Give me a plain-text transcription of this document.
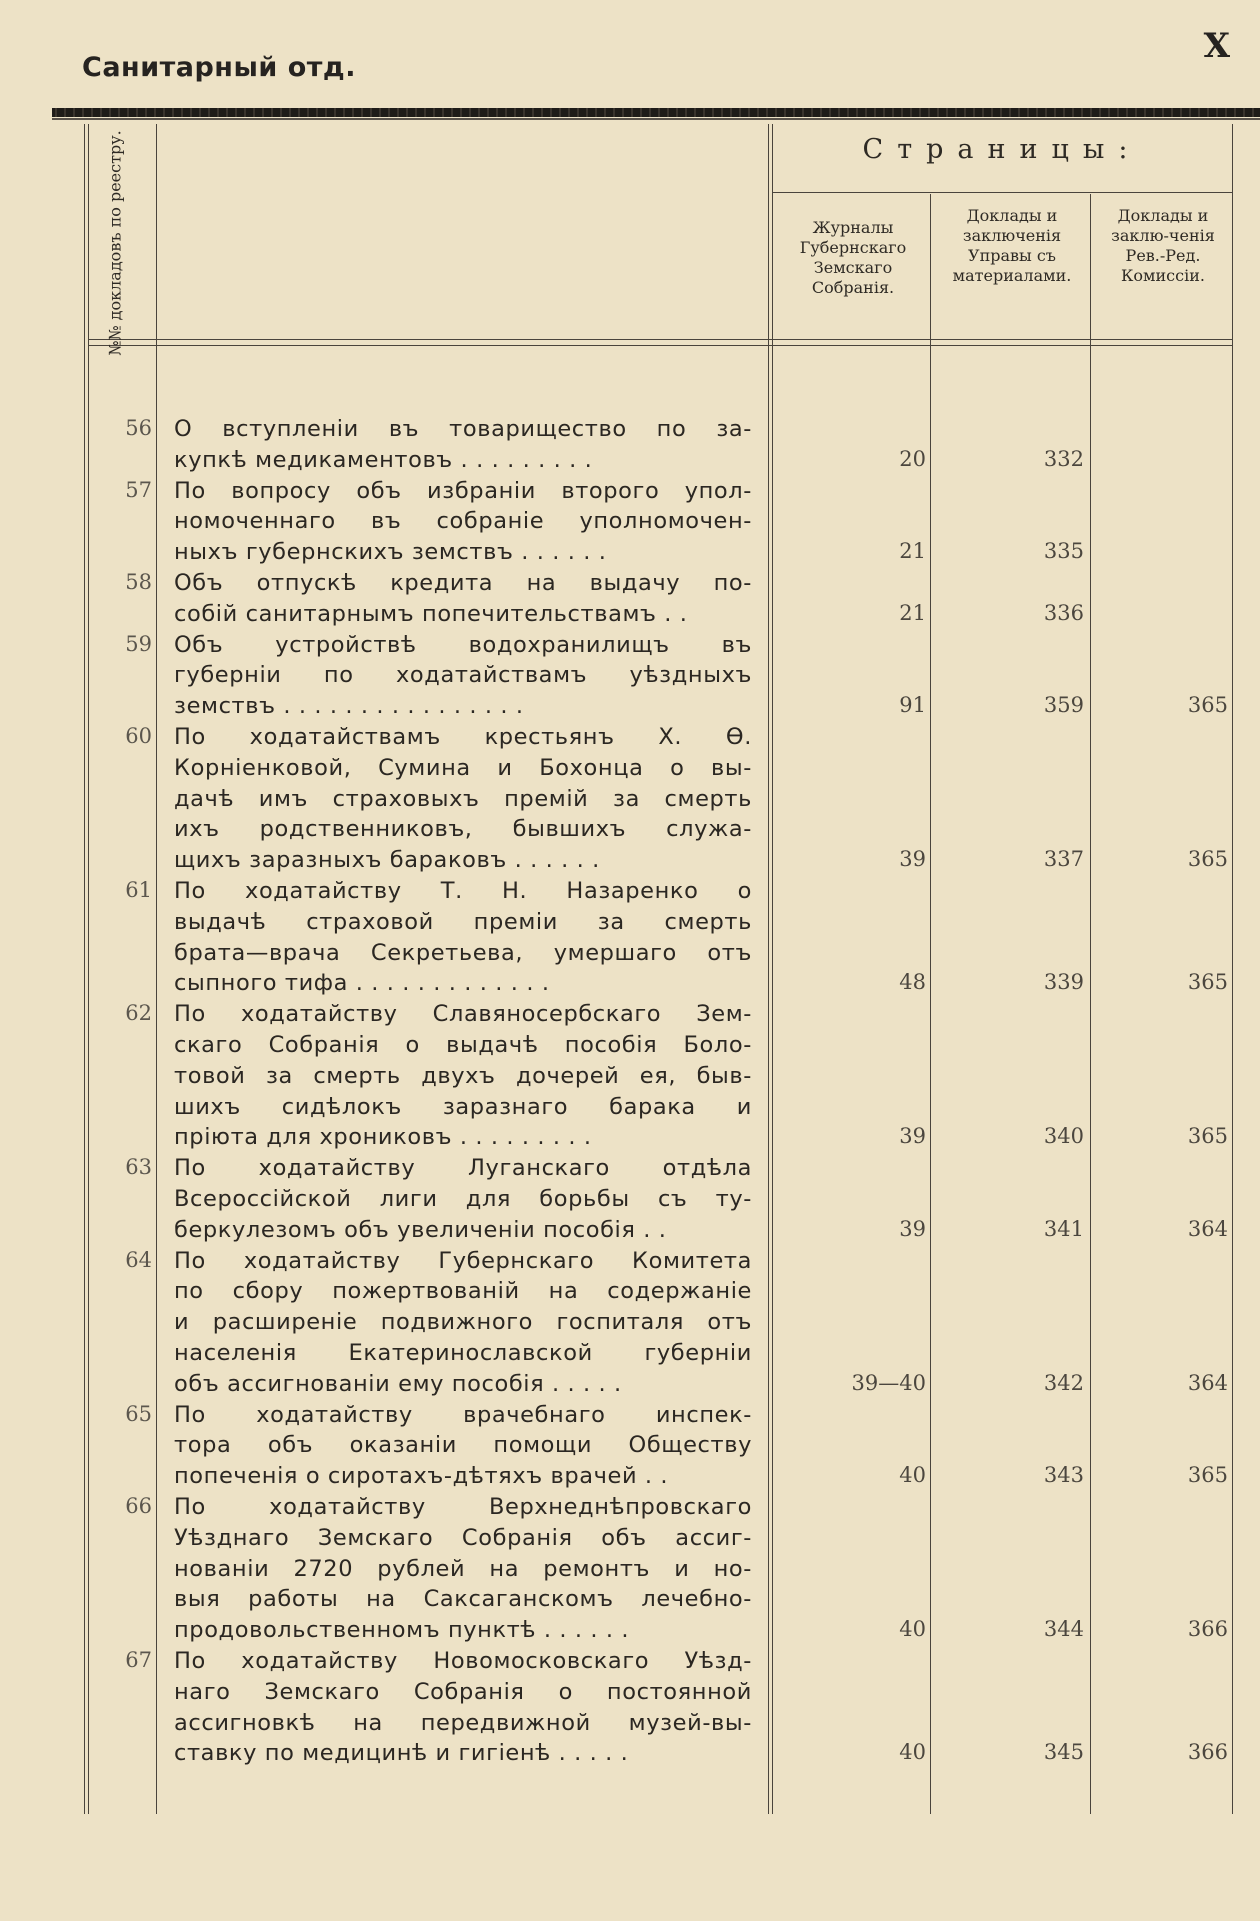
Санитарный отд.
X
№№ докладовъ по реестру.	Страницы:
Журналы Губернскаго Земскаго Собранія.
Доклады и заключенія Управы съ материалами.
Доклады и заклю-ченія Рев.-Ред. Комиссіи.
56 О вступленіи въ товарищество по за-
купкѣ медикаментовъ . . . . . . . . .	20	332
57 По вопросу объ избраніи второго упол-
номоченнаго въ собраніе уполномочен-
ныхъ губернскихъ земствъ . . . . . .	21	335
58 Объ отпускѣ кредита на выдачу по-
собій санитарнымъ попечительствамъ . .	21	336
59 Объ устройствѣ водохранилищъ въ
губерніи по ходатайствамъ уѣздныхъ
земствъ . . . . . . . . . . . . . . . .	91	359	365
60 По ходатайствамъ крестьянъ Х. Ѳ.
Корніенковой, Сумина и Бохонца о вы-
дачѣ имъ страховыхъ премій за смерть
ихъ родственниковъ, бывшихъ служа-
щихъ заразныхъ бараковъ . . . . . .	39	337	365
61 По ходатайству Т. Н. Назаренко о
выдачѣ страховой преміи за смерть
брата—врача Секретьева, умершаго отъ
сыпного тифа . . . . . . . . . . . . .	48	339	365
62 По ходатайству Славяносербскаго Зем-
скаго Собранія о выдачѣ пособія Боло-
товой за смерть двухъ дочерей ея, быв-
шихъ сидѣлокъ заразнаго барака и
пріюта для хрониковъ . . . . . . . . .	39	340	365
63 По ходатайству Луганскаго отдѣла
Всероссійской лиги для борьбы съ ту-
беркулезомъ объ увеличеніи пособія . .	39	341	364
64 По ходатайству Губернскаго Комитета
по сбору пожертвованій на содержаніе
и расширеніе подвижного госпиталя отъ
населенія Екатеринославской губерніи
объ ассигнованіи ему пособія . . . . .	39—40	342	364
65 По ходатайству врачебнаго инспек-
тора объ оказаніи помощи Обществу
попеченія о сиротахъ-дѣтяхъ врачей . .	40	343	365
66 По ходатайству Верхнеднѣпровскаго
Уѣзднаго Земскаго Собранія объ ассиг-
нованіи 2720 рублей на ремонтъ и но-
выя работы на Саксаганскомъ лечебно-
продовольственномъ пунктѣ . . . . . .	40	344	366
67 По ходатайству Новомосковскаго Уѣзд-
наго Земскаго Собранія о постоянной
ассигновкѣ на передвижной музей-вы-
ставку по медицинѣ и гигіенѣ . . . . .	40	345	366
